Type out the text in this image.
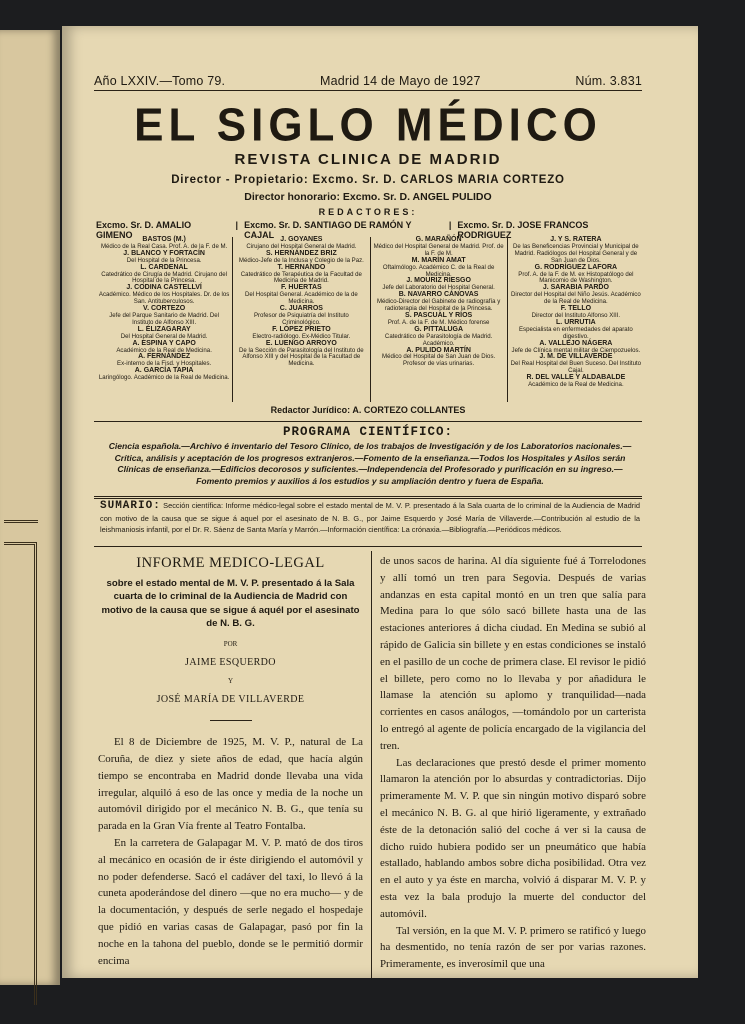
Año LXXIV.—Tomo 79.	Madrid 14 de Mayo de 1927	Núm. 3.831
EL SIGLO MÉDICO
REVISTA CLINICA DE MADRID
Director - Propietario: Excmo. Sr. D. CARLOS MARIA CORTEZO
Director honorario: Excmo. Sr. D. ANGEL PULIDO
REDACTORES:
Excmo. Sr. D. AMALIO GIMENO
| Excmo. Sr. D. SANTIAGO DE RAMÓN Y CAJAL
| Excmo. Sr. D. JOSE FRANCOS RODRIGUEZ
BASTOS (M.)
Médico de la Real Casa. Prof. A. de la F. de M.
J. BLANCO Y FORTACÍN
Del Hospital de la Princesa.
L. CARDENAL
Catedrático de Cirugía de Madrid. Cirujano del Hospital de la Princesa.
J. CODINA CASTELLVÍ
Académico. Médico de los Hospitales. Dr. de los San. Antituberculosos.
V. CORTEZO
Jefe del Parque Sanitario de Madrid. Del Instituto de Alfonso XIII.
L. ÉLIZAGARAY
Del Hospital General de Madrid.
A. ESPINA Y CAPO
Académico de la Real de Medicina.
A. FERNÁNDEZ
Ex-interno de la Fisd. y Hospitales.
A. GARCÍA TAPIA
Laringólogo. Académico de la Real de Medicina.
J. GOYANES
Cirujano del Hospital General de Madrid.
S. HERNÁNDEZ BRIZ
Médico-Jefe de la Inclusa y Colegio de la Paz.
T. HERNANDO
Catedrático de Terapéutica de la Facultad de Medicina de Madrid.
F. HUERTAS
Del Hospital General. Académico de la de Medicina.
C. JUARROS
Profesor de Psiquiatría del Instituto Criminológico.
F. LÓPEZ PRIETO
Electro-radiólogo. Ex-Médico Titular.
E. LUENGO ARROYO
De la Sección de Parasitología del Instituto de Alfonso XIII y del Hospital de la Facultad de Medicina.
G. MARAÑÓN
Médico del Hospital General de Madrid. Prof. de la F. de M.
M. MARÍN AMAT
Oftalmólogo. Académico C. de la Real de Medicina.
J. MOURIZ RIESGO
Jefe del Laboratorio del Hospital General.
B. NAVARRO CÁNOVAS
Médico-Director del Gabinete de radiografía y radioterapia del Hospital de la Princesa.
S. PASCUAL Y RÍOS
Prof. A. de la F. de M. Médico forense
G. PITTALUGA
Catedrático de Parasitología de Madrid. Académico.
A. PULIDO MARTÍN
Médico del Hospital de San Juan de Dios. Profesor de vías urinarias.
J. Y S. RATERA
De las Beneficencias Provincial y Municipal de Madrid. Radiólogos del Hospital General y de San Juan de Dios.
G. RODRÍGUEZ LAFORA
Prof. A. de la F. de M. ex Histopatólogo del Manicomio de Washington.
J. SARABIA PARDO
Director del Hospital del Niño Jesús. Académico de la Real de Medicina.
F. TELLO
Director del Instituto Alfonso XIII.
L. URRUTIA
Especialista en enfermedades del aparato digestivo.
A. VALLEJO NÁGERA
Jefe de Clínica mental militar de Ciempozuelos.
J. M. DE VILLAVERDE
Del Real Hospital del Buen Suceso. Del Instituto Cajal.
R. DEL VALLE Y ALDABALDE
Académico de la Real de Medicina.
Redactor Jurídico: A. CORTEZO COLLANTES
PROGRAMA CIENTÍFICO:
Ciencia española.—Archivo é inventario del Tesoro Clínico, de los trabajos de Investigación y de los Laboratorios nacionales.—Crítica, análisis y aceptación de los progresos extranjeros.—Fomento de la enseñanza.—Todos los Hospitales y Asilos serán Clínicas de enseñanza.—Edificios decorosos y suficientes.—Independencia del Profesorado y purificación en su ingreso.—Fomento premios y auxilios á los estudios y su ampliación dentro y fuera de España.
SUMARIO: Sección científica: Informe médico-legal sobre el estado mental de M. V. P. presentado á la Sala cuarta de lo criminal de la Audiencia de Madrid con motivo de la causa que se sigue á aquel por el asesinato de N. B. G., por Jaime Esquerdo y José María de Villaverde.—Contribución al estudio de la leishmaniosis infantil, por el Dr. R. Sáenz de Santa María y Marrón.—Información científica: La crónaxia.—Bibliografía.—Periódicos médicos.
INFORME MEDICO-LEGAL
sobre el estado mental de M. V. P. presentado á la Sala cuarta de lo criminal de la Audiencia de Madrid con motivo de la causa que se sigue á aquél por el asesinato de N. B. G.
POR
JAIME ESQUERDO
Y
JOSÉ MARÍA DE VILLAVERDE

El 8 de Diciembre de 1925, M. V. P., natural de La Coruña, de diez y siete años de edad, que hacía algún tiempo se encontraba en Madrid donde llevaba una vida irregular, alquiló á eso de las once y media de la noche un automóvil dirigido por el mecánico N. B. G., que tenía su parada en la Gran Vía frente al Teatro Fontalba.

En la carretera de Galapagar M. V. P. mató de dos tiros al mecánico en ocasión de ir éste dirigiendo el automóvil y no poder defenderse. Sacó el cadáver del taxi, lo llevó á la cuneta apoderándose del dinero —que no era mucho— y de la documentación, y después de serle negado el hospedaje que pidió en varias casas de Galapagar, pasó por fin la noche en la tahona del pueblo, donde se le permitió dormir encima

de unos sacos de harina. Al día siguiente fué á Torrelodones y allí tomó un tren para Segovia. Después de varias andanzas en esta capital montó en un tren que salía para Medina para lo que sólo sacó billete hasta una de las estaciones anteriores á dicha ciudad. En Medina se subió al rápido de Galicia sin billete y en estas condiciones se instaló en el pasillo de un coche de primera clase. El revisor le pidió el billete, pero como no lo llevaba y por añadidura le llamase la atención su aplomo y tranquilidad—nada corrientes en casos análogos, —tomándolo por un carterista lo entregó al agente de policía encargado de la vigilancia del tren.

Las declaraciones que prestó desde el primer momento llamaron la atención por lo absurdas y contradictorias. Dijo primeramente M. V. P. que sin ningún motivo disparó sobre el mecánico N. B. G. al que hirió ligeramente, y extrañado éste de la detonación salió del coche á ver si la causa de dicho ruido hubiera podido ser un pneumático que había estallado, hablando ambos sobre dicha posibilidad. Otra vez en el auto y ya éste en marcha, volvió á disparar M. V. P. y esta vez la bala produjo la muerte del conductor del automóvil.

Tal versión, en la que M. V. P. primero se ratificó y luego ha desmentido, no tenía razón de ser por varias razones. Primeramente, es inverosímil que una
